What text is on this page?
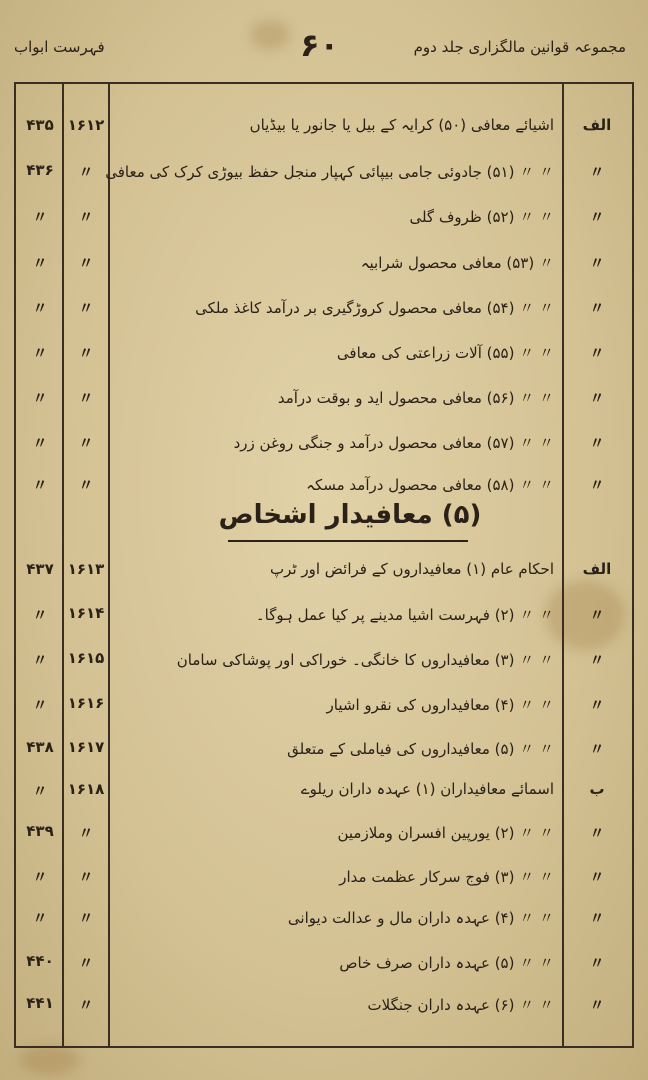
مجموعہ قوانین مالگزاری جلد دوم
۶۰
فہرست ابواب
(۵) معافیدار اشخاص
الف
اشیائے معافی (۵۰) کرایہ کے بیل یا جانور یا بیڈیاں
۱۶۱۲
۴۳۵
〃
〃 〃 (۵۱) جادوئی جامی بیپائی کہپار منجل حفظ بیوڑی کرک کی معافی
〃
۴۳۶
〃
〃 〃 (۵۲) ظروف گلی
〃
〃
〃
〃 (۵۳) معافی محصول شرابیہ
〃
〃
〃
〃 〃 (۵۴) معافی محصول کروڑگیری بر درآمد کاغذ ملکی
〃
〃
〃
〃 〃 (۵۵) آلات زراعتی کی معافی
〃
〃
〃
〃 〃 (۵۶) معافی محصول اید و بوقت درآمد
〃
〃
〃
〃 〃 (۵۷) معافی محصول درآمد و جنگی روغن زرد
〃
〃
〃
〃 〃 (۵۸) معافی محصول درآمد مسکہ
〃
〃
الف
احکام عام (۱) معافیداروں کے فرائض اور ٹرپ
۱۶۱۳
۴۳۷
〃
〃 〃 (۲) فہرست اشیا مدینے پر کیا عمل ہوگا۔
۱۶۱۴
〃
〃
〃 〃 (۳) معافیداروں کا خانگی۔ خوراکی اور پوشاکی سامان
۱۶۱۵
〃
〃
〃 〃 (۴) معافیداروں کی نقرو اشیار
۱۶۱۶
〃
〃
〃 〃 (۵) معافیداروں کی فیاملی کے متعلق
۱۶۱۷
۴۳۸
ب
اسمائے معافیداران (۱) عہدہ داران ریلوے
۱۶۱۸
〃
〃
〃 〃 (۲) یورپین افسران وملازمین
〃
۴۳۹
〃
〃 〃 (۳) فوج سرکار عظمت مدار
〃
〃
〃
〃 〃 (۴) عہدہ داران مال و عدالت دیوانی
〃
〃
〃
〃 〃 (۵) عہدہ داران صرف خاص
〃
۴۴۰
〃
〃 〃 (۶) عہدہ داران جنگلات
〃
۴۴۱
